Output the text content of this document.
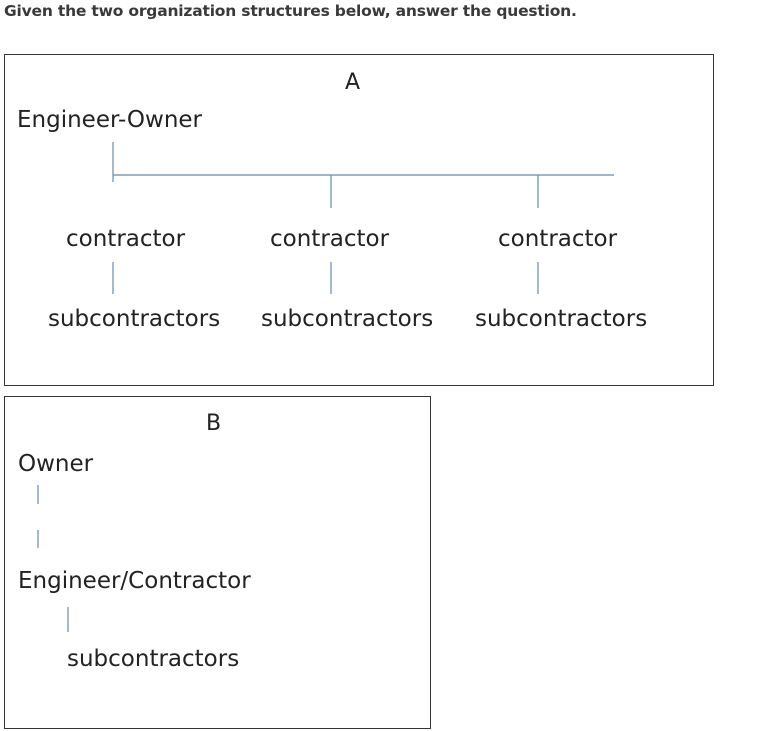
Given the two organization structures below, answer the question.
A
Engineer-Owner
contractor	contractor	contractor
subcontractors subcontractors subcontractors
B
Owner
Engineer/Contractor
subcontractors
